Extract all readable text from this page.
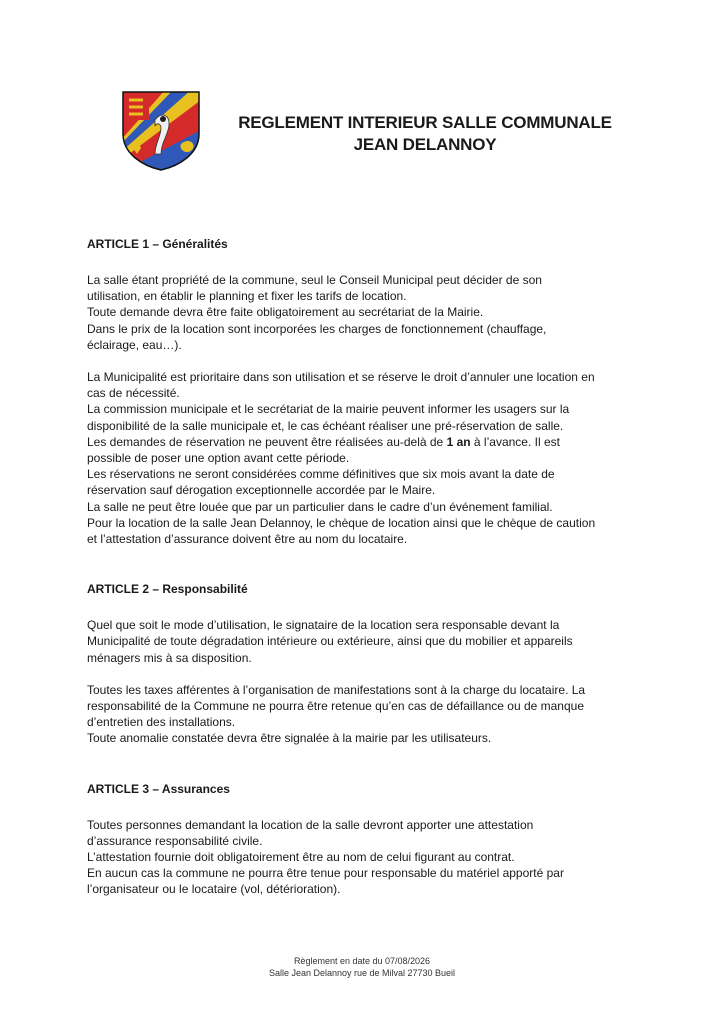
REGLEMENT INTERIEUR SALLE COMMUNALE
JEAN DELANNOY

ARTICLE 1 – Généralités

La salle étant propriété de la commune, seul le Conseil Municipal peut décider de son
utilisation, en établir le planning et fixer les tarifs de location.
Toute demande devra être faite obligatoirement au secrétariat de la Mairie.
Dans le prix de la location sont incorporées les charges de fonctionnement (chauffage,
éclairage, eau…).

La Municipalité est prioritaire dans son utilisation et se réserve le droit d’annuler une location en
cas de nécessité.
La commission municipale et le secrétariat de la mairie peuvent informer les usagers sur la
disponibilité de la salle municipale et, le cas échéant réaliser une pré-réservation de salle.
Les demandes de réservation ne peuvent être réalisées au-delà de 1 an à l’avance. Il est
possible de poser une option avant cette période.
Les réservations ne seront considérées comme définitives que six mois avant la date de
réservation sauf dérogation exceptionnelle accordée par le Maire.
La salle ne peut être louée que par un particulier dans le cadre d’un événement familial.
Pour la location de la salle Jean Delannoy, le chèque de location ainsi que le chèque de caution
et l’attestation d’assurance doivent être au nom du locataire.

ARTICLE 2 – Responsabilité

Quel que soit le mode d’utilisation, le signataire de la location sera responsable devant la
Municipalité de toute dégradation intérieure ou extérieure, ainsi que du mobilier et appareils
ménagers mis à sa disposition.

Toutes les taxes afférentes à l’organisation de manifestations sont à la charge du locataire. La
responsabilité de la Commune ne pourra être retenue qu’en cas de défaillance ou de manque
d’entretien des installations.
Toute anomalie constatée devra être signalée à la mairie par les utilisateurs.

ARTICLE 3 – Assurances

Toutes personnes demandant la location de la salle devront apporter une attestation
d’assurance responsabilité civile.
L’attestation fournie doit obligatoirement être au nom de celui figurant au contrat.
En aucun cas la commune ne pourra être tenue pour responsable du matériel apporté par
l’organisateur ou le locataire (vol, détérioration).

Règlement en date du 07/08/2026
Salle Jean Delannoy rue de Milval 27730 Bueil
